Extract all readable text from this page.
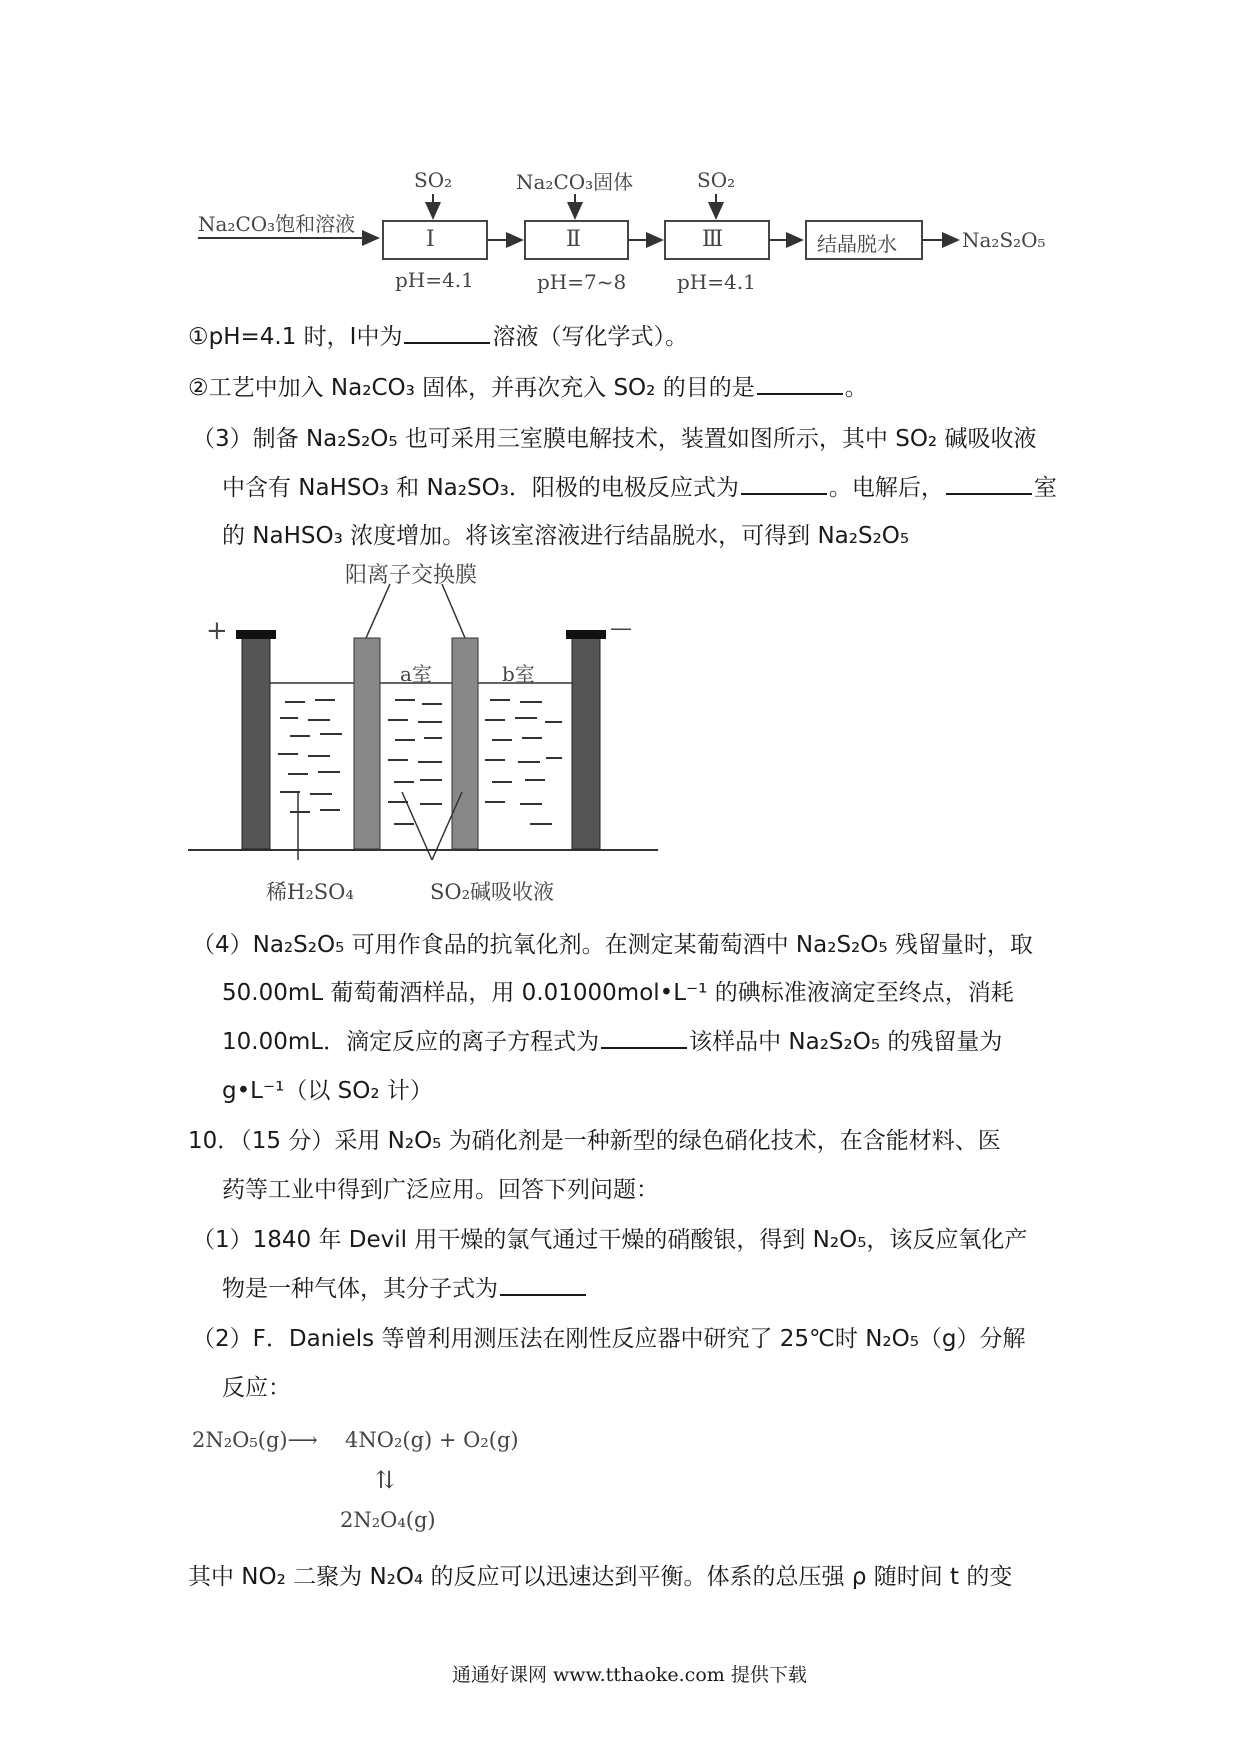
Na₂CO₃饱和溶液
Ⅰ	Ⅱ	Ⅲ	结晶脱水
SO₂	Na₂CO₃固体	SO₂
pH=4.1	pH=7~8	pH=4.1
Na₂S₂O₅
①pH=4.1 时，Ⅰ中为	溶液（写化学式）。
②工艺中加入 Na₂CO₃ 固体，并再次充入 SO₂ 的目的是	。
（3）制备 Na₂S₂O₅ 也可采用三室膜电解技术，装置如图所示，其中 SO₂ 碱吸收液
中含有 NaHSO₃ 和 Na₂SO₃．阳极的电极反应式为	。电解后，	室
的 NaHSO₃ 浓度增加。将该室溶液进行结晶脱水，可得到 Na₂S₂O₅
阳离子交换膜
+	—
a室	b室
稀H₂SO₄	SO₂碱吸收液
（4）Na₂S₂O₅ 可用作食品的抗氧化剂。在测定某葡萄酒中 Na₂S₂O₅ 残留量时，取
50.00mL 葡萄葡酒样品，用 0.01000mol•L⁻¹ 的碘标准液滴定至终点，消耗
10.00mL．滴定反应的离子方程式为	该样品中 Na₂S₂O₅ 的残留量为
g•L⁻¹（以 SO₂ 计）
10．（15 分）采用 N₂O₅ 为硝化剂是一种新型的绿色硝化技术，在含能材料、医
药等工业中得到广泛应用。回答下列问题：
（1）1840 年 Devil 用干燥的氯气通过干燥的硝酸银，得到 N₂O₅，该反应氧化产
物是一种气体，其分子式为
（2）F．Daniels 等曾利用测压法在刚性反应器中研究了 25℃时 N₂O₅（g）分解
反应：
2N₂O₅(g)⟶ 4NO₂(g) + O₂(g)
⇅
2N₂O₄(g)
其中 NO₂ 二聚为 N₂O₄ 的反应可以迅速达到平衡。体系的总压强 ρ 随时间 t 的变
通通好课网 www.tthaoke.com 提供下载
